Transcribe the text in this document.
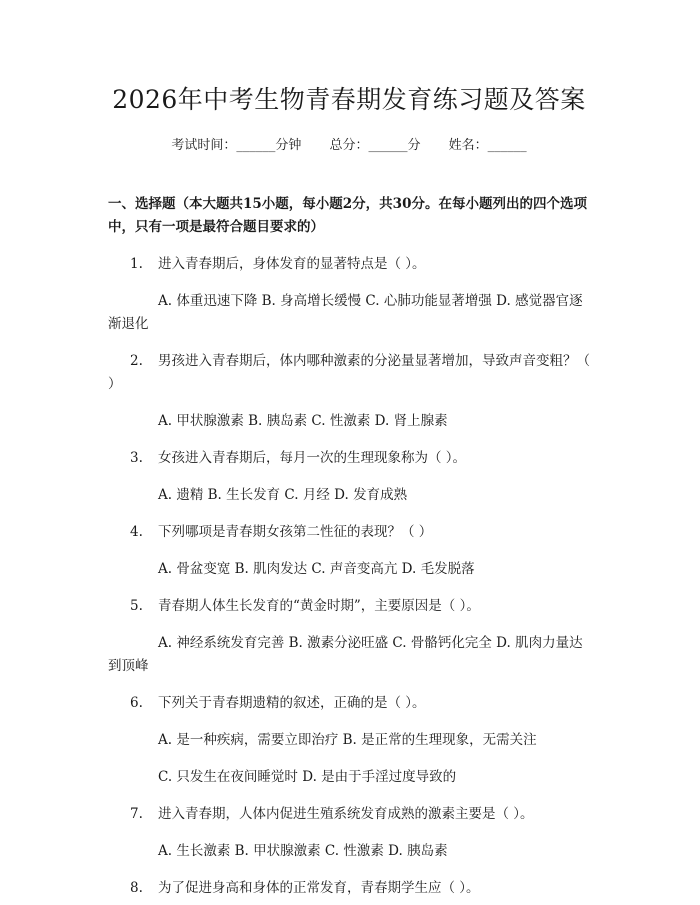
2026年中考生物青春期发育练习题及答案
考试时间：______分钟 总分：______分 姓名：______
一、选择题（本大题共15小题，每小题2分，共30分。在每小题列出的四个选项中，只有一项是最符合题目要求的）
1. 进入青春期后，身体发育的显著特点是（ ）。
A. 体重迅速下降 B. 身高增长缓慢 C. 心肺功能显著增强 D. 感觉器官逐渐退化
2. 男孩进入青春期后，体内哪种激素的分泌量显著增加，导致声音变粗？（ ）
A. 甲状腺激素 B. 胰岛素 C. 性激素 D. 肾上腺素
3. 女孩进入青春期后，每月一次的生理现象称为（ ）。
A. 遗精 B. 生长发育 C. 月经 D. 发育成熟
4. 下列哪项是青春期女孩第二性征的表现？（ ）
A. 骨盆变宽 B. 肌肉发达 C. 声音变高亢 D. 毛发脱落
5. 青春期人体生长发育的“黄金时期”，主要原因是（ ）。
A. 神经系统发育完善 B. 激素分泌旺盛 C. 骨骼钙化完全 D. 肌肉力量达到顶峰
6. 下列关于青春期遗精的叙述，正确的是（ ）。
A. 是一种疾病，需要立即治疗 B. 是正常的生理现象，无需关注
C. 只发生在夜间睡觉时 D. 是由于手淫过度导致的
7. 进入青春期，人体内促进生殖系统发育成熟的激素主要是（ ）。
A. 生长激素 B. 甲状腺激素 C. 性激素 D. 胰岛素
8. 为了促进身高和身体的正常发育，青春期学生应（ ）。
